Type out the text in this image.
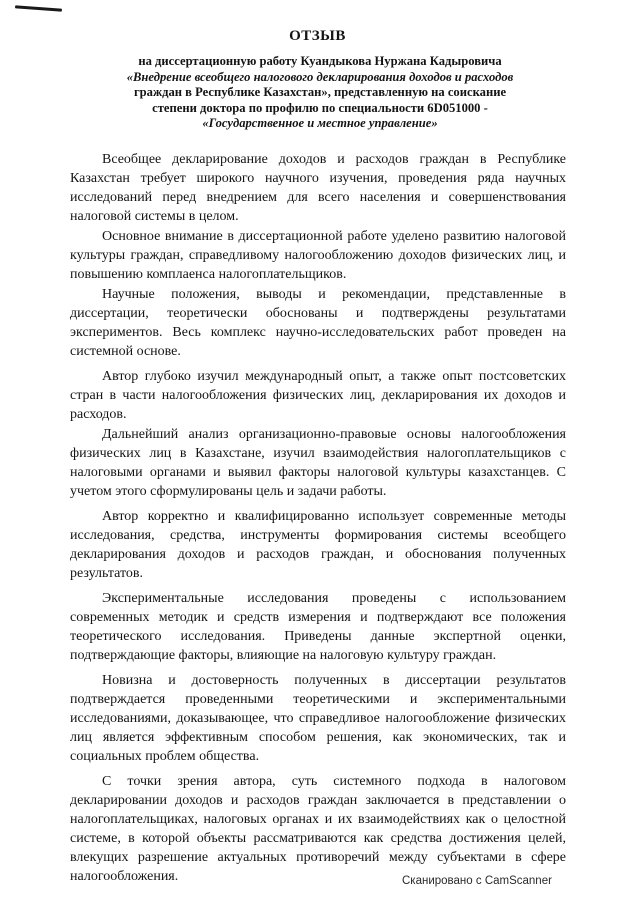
ОТЗЫВ
на диссертационную работу Куандыкова Нуржана Кадыровича
«Внедрение всеобщего налогового декларирования доходов и расходов
граждан в Республике Казахстан», представленную на соискание
степени доктора по профилю по специальности 6D051000 -
«Государственное и местное управление»

Всеобщее декларирование доходов и расходов граждан в Республике Казахстан требует широкого научного изучения, проведения ряда научных исследований перед внедрением для всего населения и совершенствования налоговой системы в целом.

Основное внимание в диссертационной работе уделено развитию налоговой культуры граждан, справедливому налогообложению доходов физических лиц, и повышению комплаенса налогоплательщиков.

Научные положения, выводы и рекомендации, представленные в диссертации, теоретически обоснованы и подтверждены результатами экспериментов. Весь комплекс научно-исследовательских работ проведен на системной основе.

Автор глубоко изучил международный опыт, а также опыт постсоветских стран в части налогообложения физических лиц, декларирования их доходов и расходов.

Дальнейший анализ организационно-правовые основы налогообложения физических лиц в Казахстане, изучил взаимодействия налогоплательщиков с налоговыми органами и выявил факторы налоговой культуры казахстанцев. С учетом этого сформулированы цель и задачи работы.

Автор корректно и квалифицированно использует современные методы исследования, средства, инструменты формирования системы всеобщего декларирования доходов и расходов граждан, и обоснования полученных результатов.

Экспериментальные исследования проведены с использованием современных методик и средств измерения и подтверждают все положения теоретического исследования. Приведены данные экспертной оценки, подтверждающие факторы, влияющие на налоговую культуру граждан.

Новизна и достоверность полученных в диссертации результатов подтверждается проведенными теоретическими и экспериментальными исследованиями, доказывающее, что справедливое налогообложение физических лиц является эффективным способом решения, как экономических, так и социальных проблем общества.

С точки зрения автора, суть системного подхода в налоговом декларировании доходов и расходов граждан заключается в представлении о налогоплательщиках, налоговых органах и их взаимодействиях как о целостной системе, в которой объекты рассматриваются как средства достижения целей, влекущих разрешение актуальных противоречий между субъектами в сфере налогообложения.	Сканировано с CamScanner
